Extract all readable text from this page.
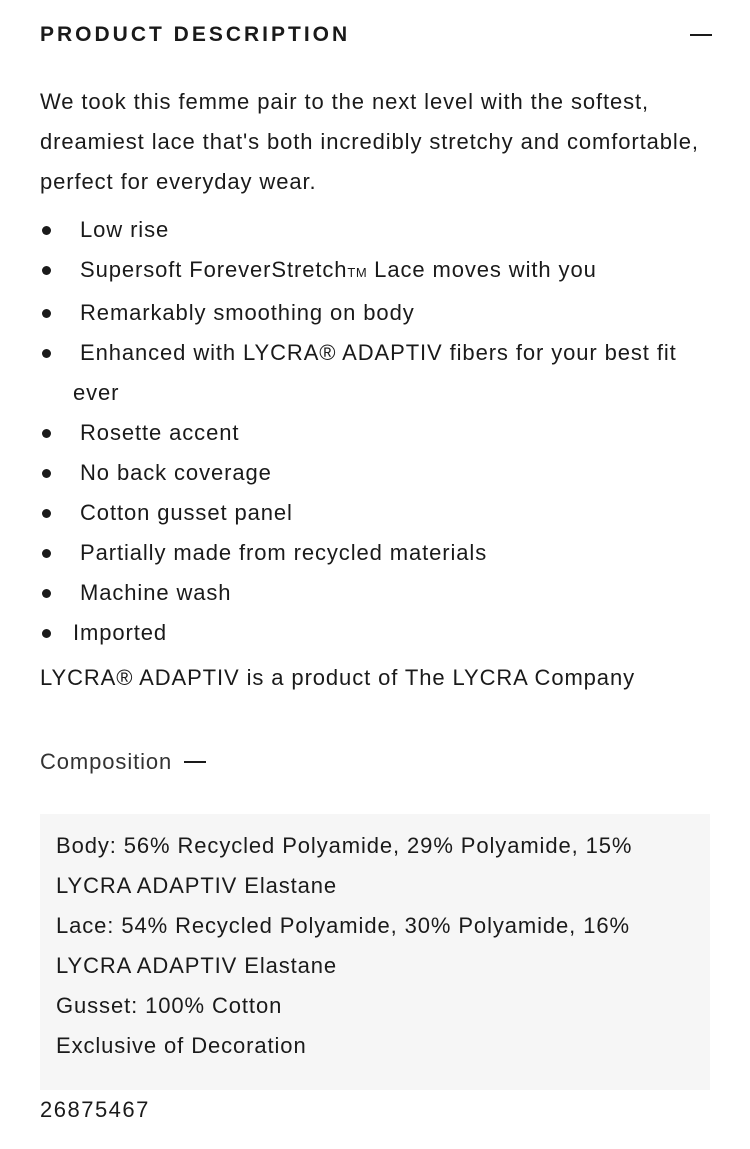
PRODUCT DESCRIPTION

We took this femme pair to the next level with the softest, dreamiest lace that's both incredibly stretchy and comfortable, perfect for everyday wear.

Low rise
Supersoft ForeverStretchTM Lace moves with you
Remarkably smoothing on body
Enhanced with LYCRA® ADAPTIV fibers for your best fit ever
Rosette accent
No back coverage
Cotton gusset panel
Partially made from recycled materials
Machine wash
Imported

LYCRA® ADAPTIV is a product of The LYCRA Company

Composition
Body: 56% Recycled Polyamide, 29% Polyamide, 15% LYCRA ADAPTIV Elastane
Lace: 54% Recycled Polyamide, 30% Polyamide, 16% LYCRA ADAPTIV Elastane
Gusset: 100% Cotton
Exclusive of Decoration
26875467
